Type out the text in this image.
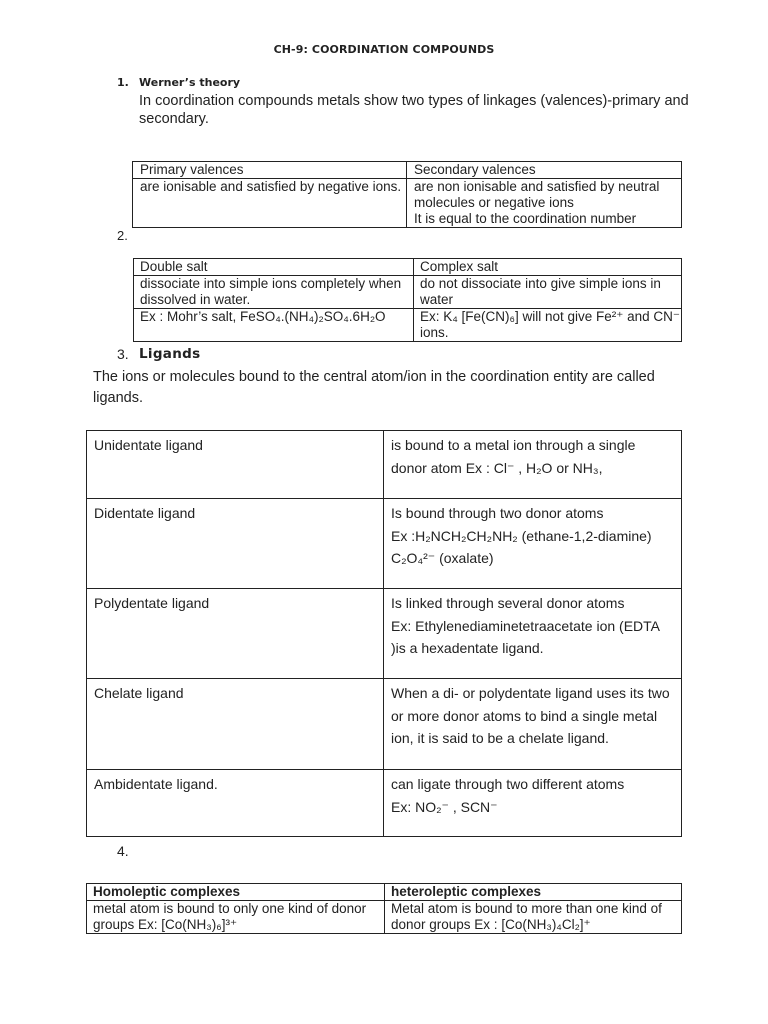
CH-9: COORDINATION COMPOUNDS
1. Werner’s theory
In coordination compounds metals show two types of linkages (valences)-primary and secondary.
Primary valences	Secondary valences
are ionisable and satisfied by negative ions.	are non ionisable and satisfied by neutral molecules or negative ions
It is equal to the coordination number
2.
Double salt	Complex salt
dissociate into simple ions completely when dissolved in water.	do not dissociate into give simple ions in water
Ex : Mohr’s salt, FeSO₄.(NH₄)₂SO₄.6H₂O	Ex: K₄ [Fe(CN)₆] will not give Fe²⁺ and CN⁻ ions.
3. Ligands
The ions or molecules bound to the central atom/ion in the coordination entity are called ligands.
Unidentate ligand	is bound to a metal ion through a single donor atom Ex : Cl⁻ , H₂O or NH₃,
Didentate ligand	Is bound through two donor atoms
Ex :H₂NCH₂CH₂NH₂ (ethane-1,2-diamine)
C₂O₄²⁻ (oxalate)

Polydentate ligand	Is linked through several donor atoms
Ex: Ethylenediaminetetraacetate ion (EDTA )is a hexadentate ligand.

Chelate ligand	When a di- or polydentate ligand uses its two or more donor atoms to bind a single metal ion, it is said to be a chelate ligand.
Ambidentate ligand.	can ligate through two different atoms
Ex: NO₂⁻ , SCN⁻
4.
Homoleptic complexes	heteroleptic complexes
metal atom is bound to only one kind of donor groups Ex: [Co(NH₃)₆]³⁺	Metal atom is bound to more than one kind of donor groups Ex : [Co(NH₃)₄Cl₂]⁺
